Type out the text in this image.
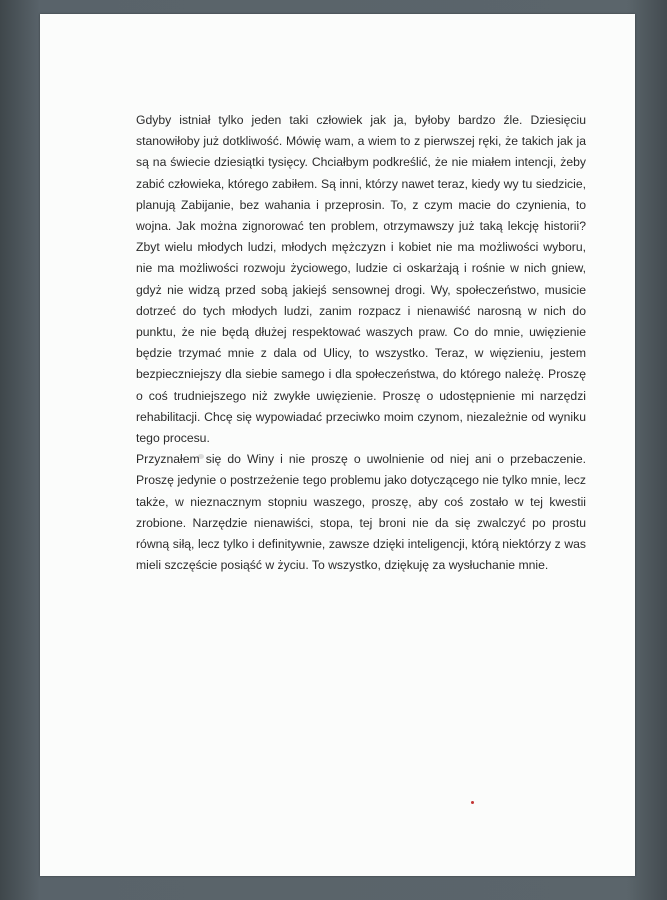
Gdyby istniał tylko jeden taki człowiek jak ja, byłoby bardzo źle. Dziesięciu stanowiłoby już dotkliwość. Mówię wam, a wiem to z pierwszej ręki, że takich jak ja są na świecie dziesiątki tysięcy. Chciałbym podkreślić, że nie miałem intencji, żeby zabić człowieka, którego zabiłem. Są inni, którzy nawet teraz, kiedy wy tu siedzicie, planują Zabijanie, bez wahania i przeprosin. To, z czym macie do czynienia, to wojna. Jak można zignorować ten problem, otrzymawszy już taką lekcję historii? Zbyt wielu młodych ludzi, młodych mężczyzn i kobiet nie ma możliwości wyboru, nie ma możliwości rozwoju życiowego, ludzie ci oskarżają i rośnie w nich gniew, gdyż nie widzą przed sobą jakiejś sensownej drogi. Wy, społeczeństwo, musicie dotrzeć do tych młodych ludzi, zanim rozpacz i nienawiść narosną w nich do punktu, że nie będą dłużej respektować waszych praw. Co do mnie, uwięzienie będzie trzymać mnie z dala od Ulicy, to wszystko. Teraz, w więzieniu, jestem bezpieczniejszy dla siebie samego i dla społeczeństwa, do którego należę. Proszę o coś trudniejszego niż zwykłe uwięzienie. Proszę o udostępnienie mi narzędzi rehabilitacji. Chcę się wypowiadać przeciwko moim czynom, niezależnie od wyniku tego procesu.

Przyznałem się do Winy i nie proszę o uwolnienie od niej ani o przebaczenie. Proszę jedynie o postrzeżenie tego problemu jako dotyczącego nie tylko mnie, lecz także, w nieznacznym stopniu waszego, proszę, aby coś zostało w tej kwestii zrobione. Narzędzie nienawiści, stopa, tej broni nie da się zwalczyć po prostu równą siłą, lecz tylko i definitywnie, zawsze dzięki inteligencji, którą niektórzy z was mieli szczęście posiąść w życiu. To wszystko, dziękuję za wysłuchanie mnie.
